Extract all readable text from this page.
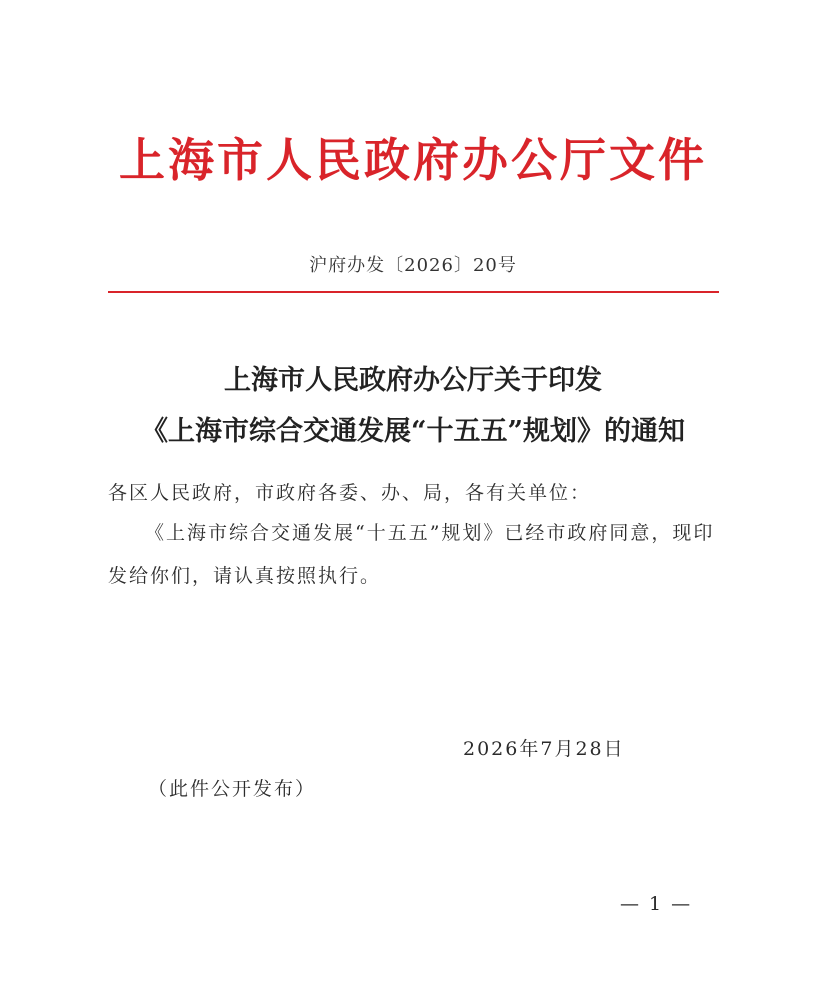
上海市人民政府办公厅文件
沪府办发〔2026〕20号
上海市人民政府办公厅关于印发
《上海市综合交通发展“十五五”规划》的通知
各区人民政府，市政府各委、办、局，各有关单位：
《上海市综合交通发展“十五五”规划》已经市政府同意，现印
发给你们，请认真按照执行。
2026年7月28日
（此件公开发布）
— 1 —
